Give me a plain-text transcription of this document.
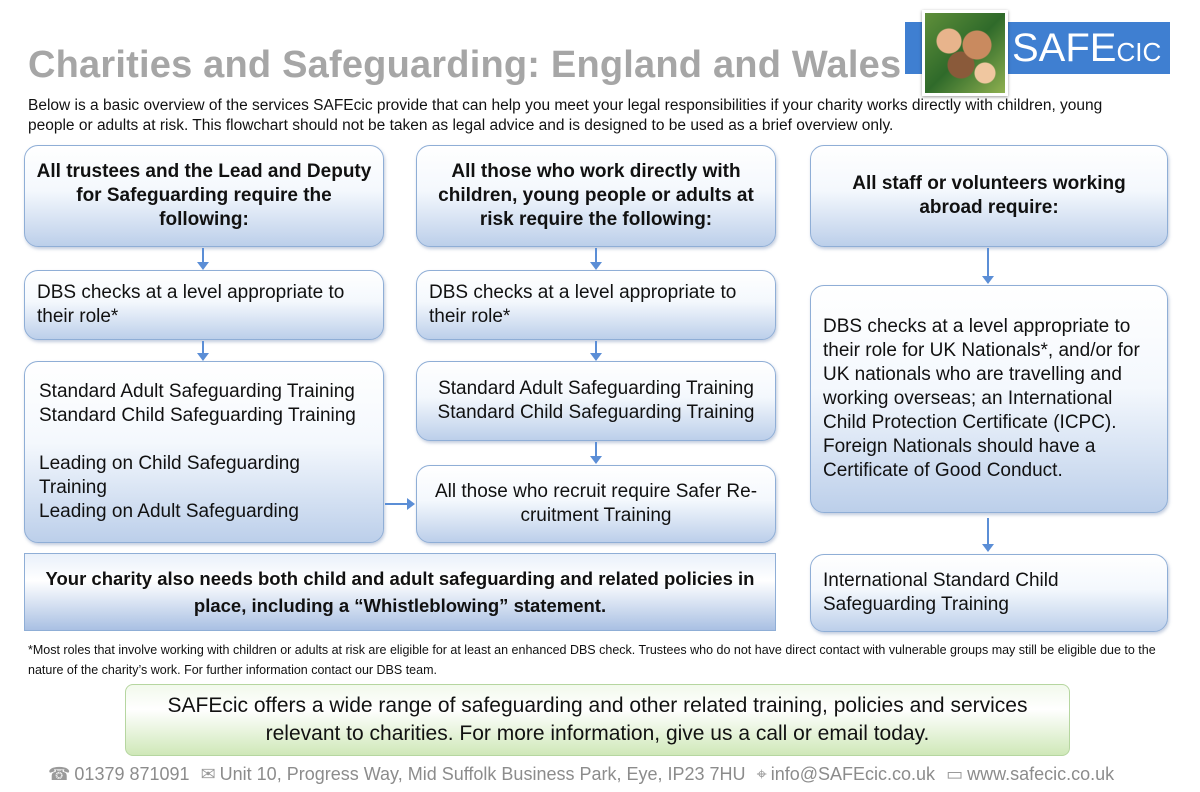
Charities and Safeguarding: England and Wales
Below is a basic overview of the services SAFEcic provide that can help you meet your legal responsibilities if your charity works directly with children, young people or adults at risk. This flowchart should not be taken as legal advice and is designed to be used as a brief overview only.
SAFECIC
All trustees and the Lead and Deputy for Safeguarding require the following:
DBS checks at a level appropriate to their role*
Standard Adult Safeguarding Training
Standard Child Safeguarding Training
Leading on Child Safeguarding Training
Leading on Adult Safeguarding
All those who work directly with children, young people or adults at risk require the following:
DBS checks at a level appropriate to their role*
Standard Adult Safeguarding Training
Standard Child Safeguarding Training
All those who recruit require Safer Re-cruitment Training
All staff or volunteers working abroad require:
DBS checks at a level appropriate to their role for UK Nationals*, and/or for UK nationals who are travelling and working overseas; an International Child Protection Certificate (ICPC). Foreign Nationals should have a Certificate of Good Conduct.
International Standard Child Safeguarding Training
Your charity also needs both child and adult safeguarding and related policies in place, including a “Whistleblowing” statement.
*Most roles that involve working with children or adults at risk are eligible for at least an enhanced DBS check. Trustees who do not have direct contact with vulnerable groups may still be eligible due to the nature of the charity’s work. For further information contact our DBS team.
SAFEcic offers a wide range of safeguarding and other related training, policies and services relevant to charities. For more information, give us a call or email today.
☎ 01379 871091 ✉ Unit 10, Progress Way, Mid Suffolk Business Park, Eye, IP23 7HU ⌖ info@SAFEcic.co.uk ▭ www.safecic.co.uk
